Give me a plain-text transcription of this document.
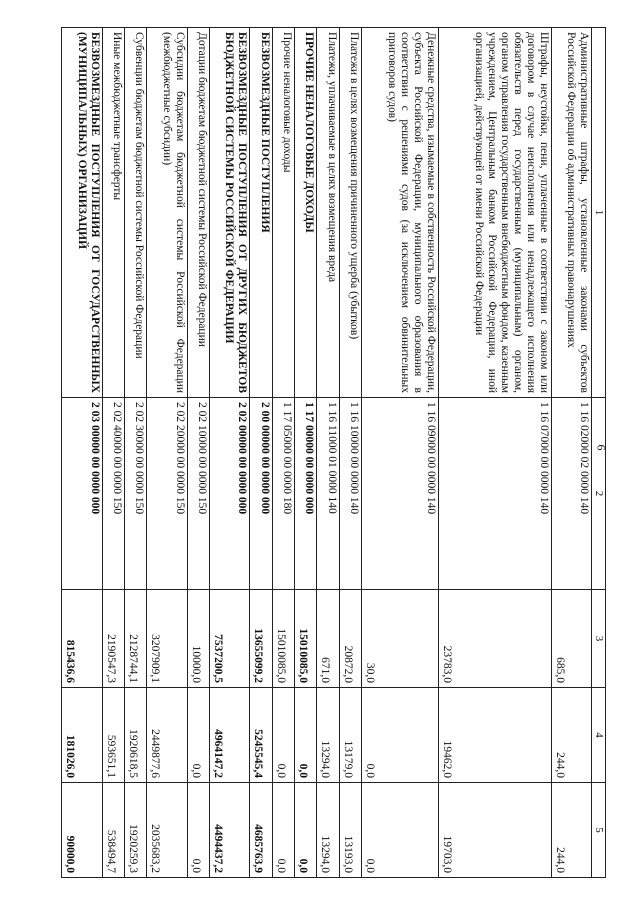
6
1	2	3	4	5
Административные штрафы, установленные законами субъектов Российской Федерации об административных правонарушениях	1 16 02000 02 0000 140	685,0	244,0	244,0
Штрафы, неустойки, пени, уплаченные в соответствии с законом или договором в случае неисполнения или ненадлежащего исполнения обязательств перед государственным (муниципальным) органом, органом управления государственным внебюджетным фондом, казенным учреждением, Центральным банком Российской Федерации, иной организацией, действующей от имени Российской Федерации	1 16 07000 00 0000 140	23783,0	19462,0	19703,0
Денежные средства, изымаемые в собственность Российской Федерации, субъекта Российской Федерации, муниципального образования в соответствии с решениями судов (за исключением обвинительных приговоров судов)	1 16 09000 00 0000 140	30,0	0,0	0,0
Платежи в целях возмещения причиненного ущерба (убытков)	1 16 10000 00 0000 140	20872,0	13179,0	13193,0
Платежи, уплачиваемые в целях возмещения вреда	1 16 11000 01 0000 140	671,0	13294,0	13294,0
ПРОЧИЕ НЕНАЛОГОВЫЕ ДОХОДЫ	1 17 00000 00 0000 000	15010085,0	0,0	0,0
Прочие неналоговые доходы	1 17 05000 00 0000 180	15010085,0	0,0	0,0
БЕЗВОЗМЕЗДНЫЕ ПОСТУПЛЕНИЯ	2 00 00000 00 0000 000	13655099,2	5245545,4	4685763,9
БЕЗВОЗМЕЗДНЫЕ ПОСТУПЛЕНИЯ ОТ ДРУГИХ БЮДЖЕТОВ БЮДЖЕТНОЙ СИСТЕМЫ РОССИЙСКОЙ ФЕДЕРАЦИИ	2 02 00000 00 0000 000	7537200,5	4964147,2	4494437,2
Дотации бюджетам бюджетной системы Российской Федерации	2 02 10000 00 0000 150	10000,0	0,0	0,0
Субсидии бюджетам бюджетной системы Российской Федерации (межбюджетные субсидии)	2 02 20000 00 0000 150	3207909,1	2449877,6	2035683,2
Субвенции бюджетам бюджетной системы Российской Федерации	2 02 30000 00 0000 150	2128744,1	1920618,5	1920259,3
Иные межбюджетные трансферты	2 02 40000 00 0000 150	2190547,3	593651,1	538494,7
БЕЗВОЗМЕЗДНЫЕ ПОСТУПЛЕНИЯ ОТ ГОСУДАРСТВЕННЫХ (МУНИЦИПАЛЬНЫХ) ОРГАНИЗАЦИЙ	2 03 00000 00 0000 000	815436,6	181026,0	90000,0
